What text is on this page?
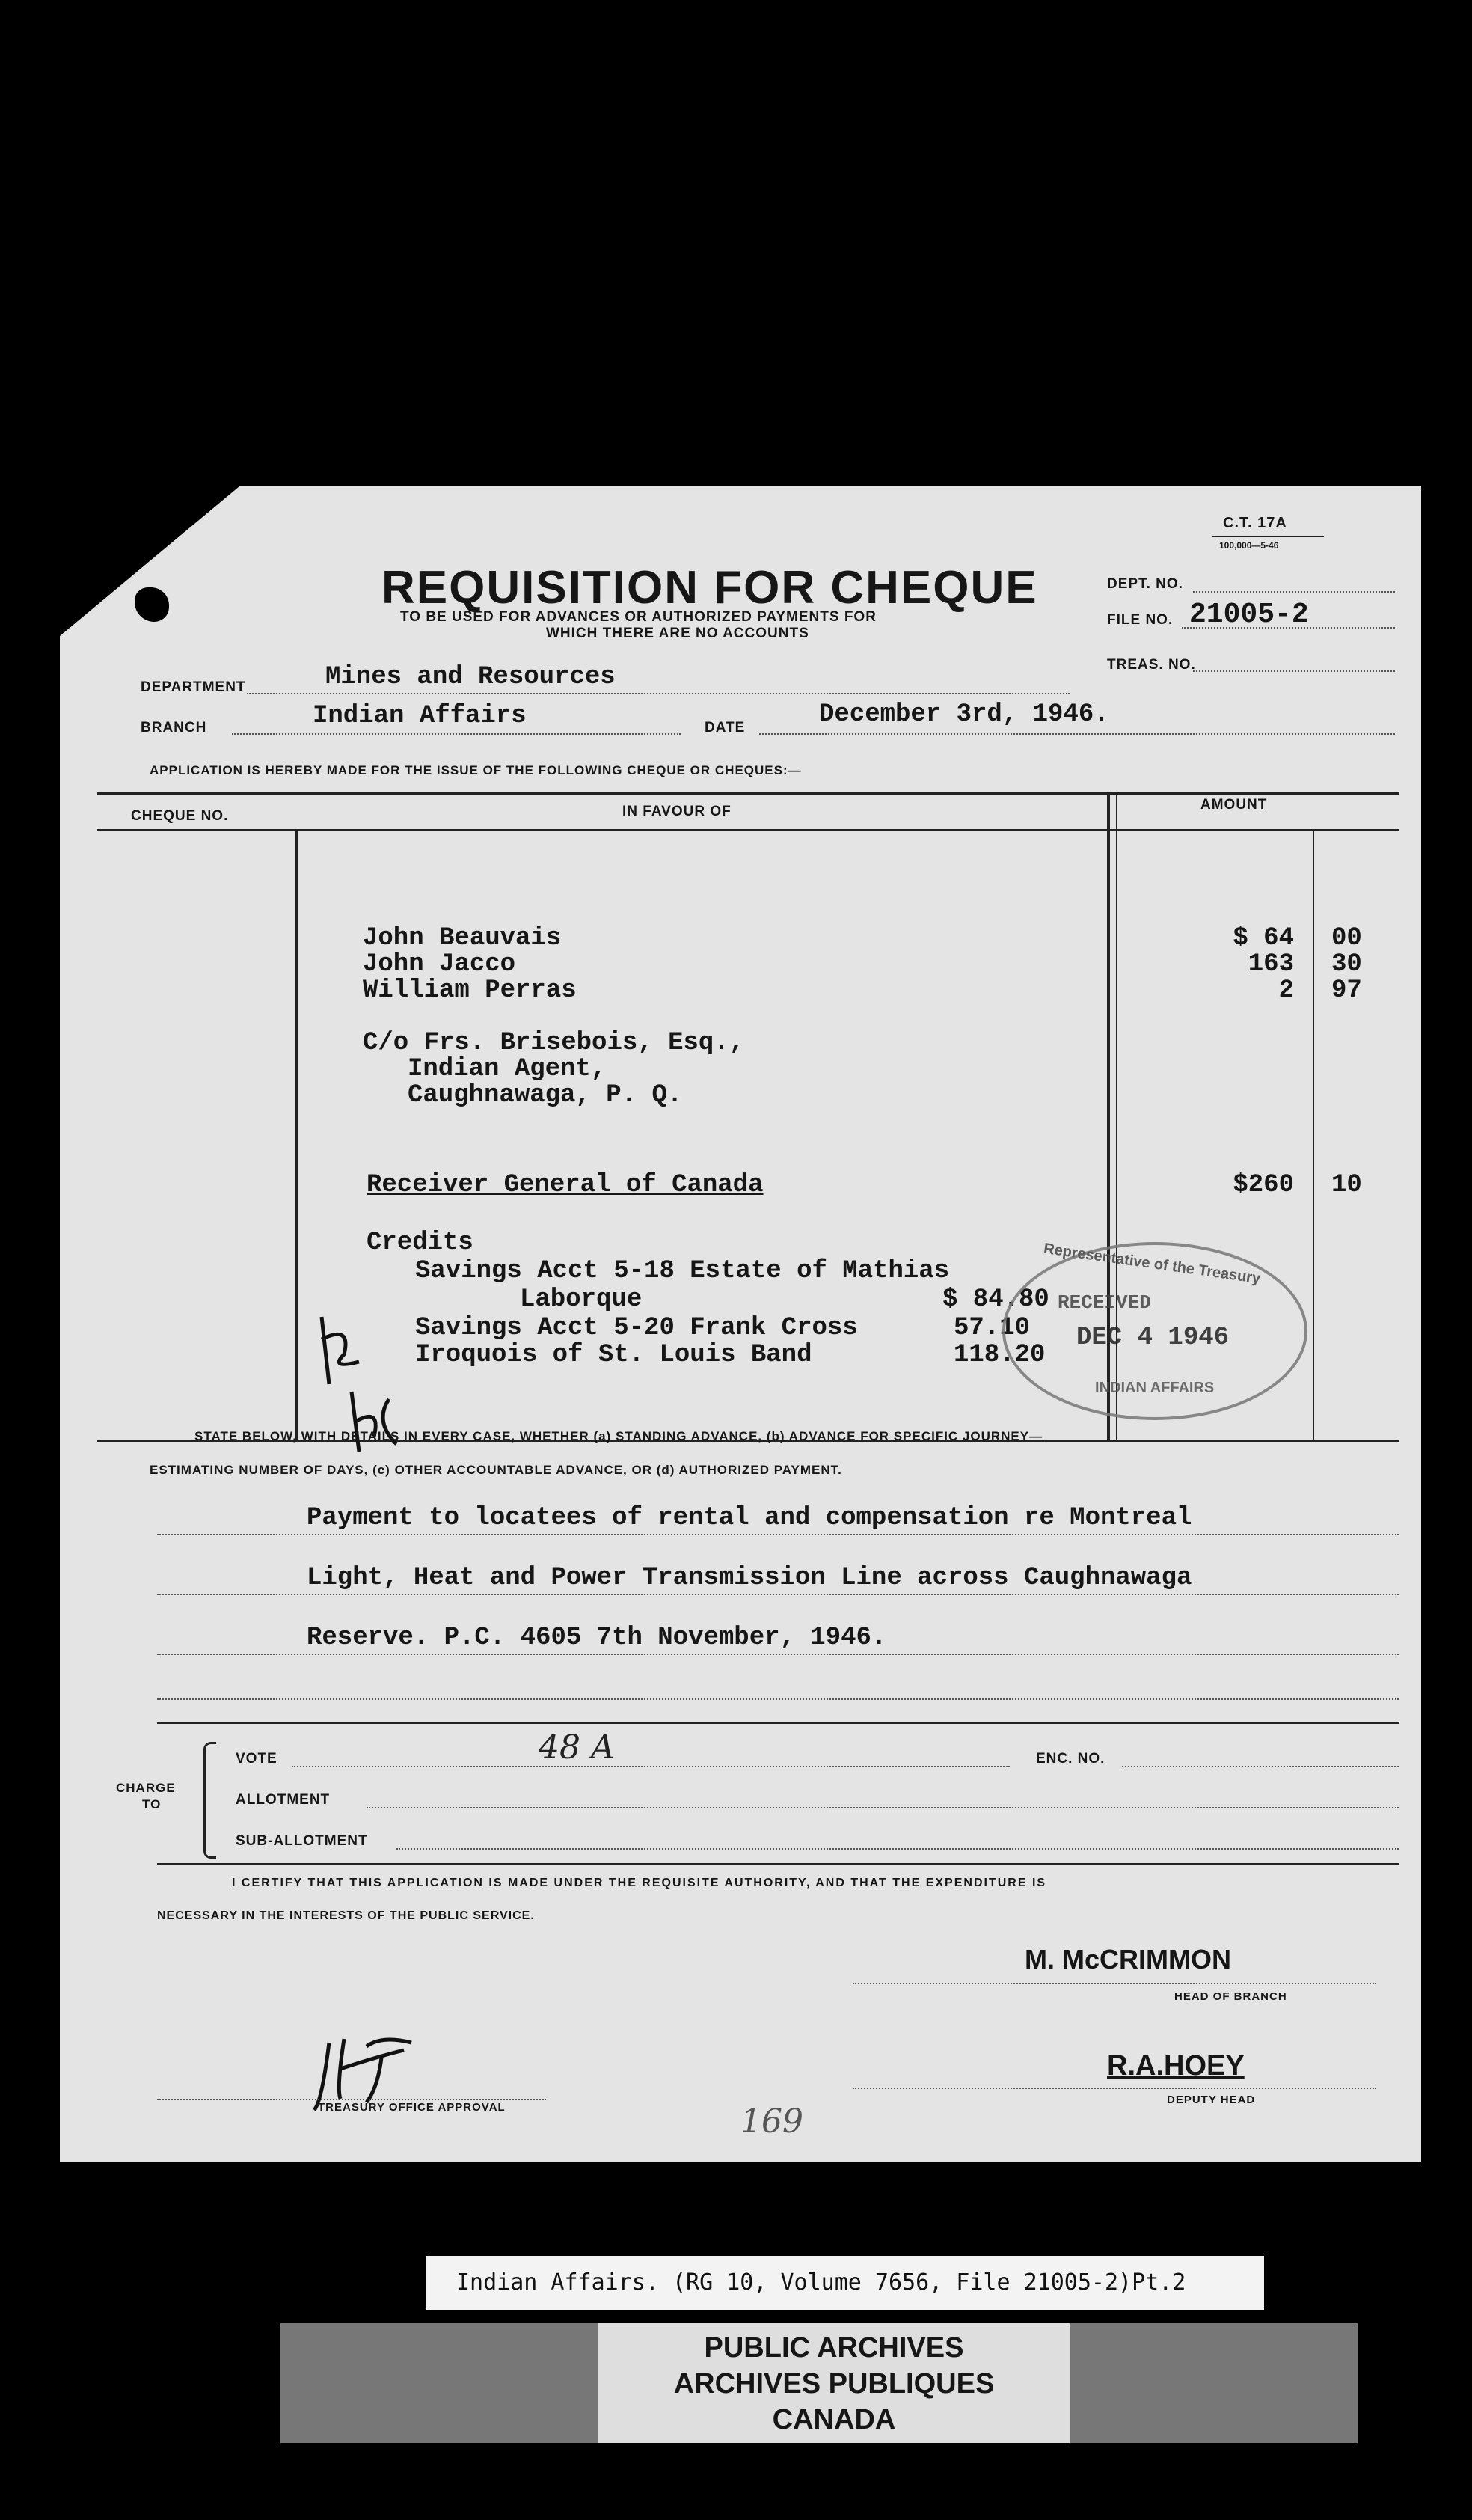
C.T. 17A
100,000—5-46
REQUISITION FOR CHEQUE
TO BE USED FOR ADVANCES OR AUTHORIZED PAYMENTS FOR
WHICH THERE ARE NO ACCOUNTS
DEPT. NO.
FILE NO. 21005-2
TREAS. NO.
DEPARTMENT	Mines and Resources
BRANCH	Indian Affairs	DATE	December 3rd, 1946.
APPLICATION IS HEREBY MADE FOR THE ISSUE OF THE FOLLOWING CHEQUE OR CHEQUES:—
CHEQUE NO.	IN FAVOUR OF	AMOUNT
John Beauvais	$ 64 00
John Jacco	163 30
William Perras	2 97
C/o Frs. Brisebois, Esq.,
Indian Agent,
Caughnawaga, P. Q.
Receiver General of Canada	$260 10
Credits
Savings Acct 5-18 Estate of Mathias
Laborque	$ 84.80
Savings Acct 5-20 Frank Cross	57.10
Iroquois of St. Louis Band	118.20
Representative of the Treasury
RECEIVED
DEC 4 1946
INDIAN AFFAIRS
STATE BELOW, WITH DETAILS IN EVERY CASE, WHETHER (a) STANDING ADVANCE, (b) ADVANCE FOR SPECIFIC JOURNEY—
ESTIMATING NUMBER OF DAYS, (c) OTHER ACCOUNTABLE ADVANCE, OR (d) AUTHORIZED PAYMENT.
Payment to locatees of rental and compensation re Montreal
Light, Heat and Power Transmission Line across Caughnawaga
Reserve. P.C. 4605 7th November, 1946.
CHARGE
TO
VOTE	48 A	ENC. NO.
ALLOTMENT
SUB-ALLOTMENT
I CERTIFY THAT THIS APPLICATION IS MADE UNDER THE REQUISITE AUTHORITY, AND THAT THE EXPENDITURE IS
NECESSARY IN THE INTERESTS OF THE PUBLIC SERVICE.
M. McCRIMMON
HEAD OF BRANCH
TREASURY OFFICE APPROVAL
R.A.HOEY
DEPUTY HEAD
169
Indian Affairs. (RG 10, Volume 7656, File 21005-2)Pt.2
PUBLIC ARCHIVES
ARCHIVES PUBLIQUES
CANADA
